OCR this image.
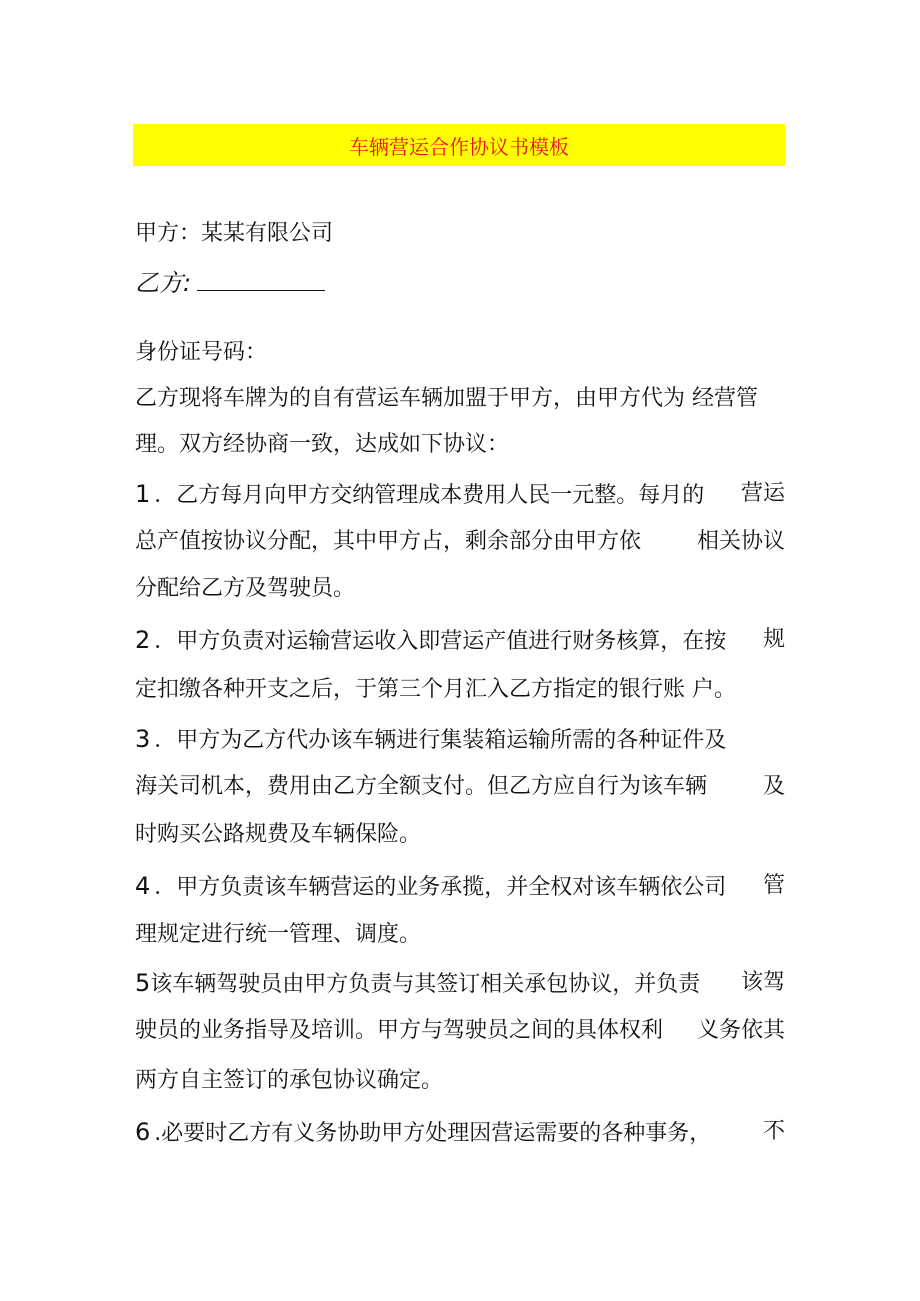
车辆营运合作协议书模板
甲方：某某有限公司
乙方:
身份证号码：
乙方现将车牌为的自有营运车辆加盟于甲方，由甲方代为 经营管
理。双方经协商一致，达成如下协议：
1 ．乙方每月向甲方交纳管理成本费用人民一元整。每月的 营运
总产值按协议分配，其中甲方占，剩余部分由甲方依	相关协议
分配给乙方及驾驶员。
2 ．甲方负责对运输营运收入即营运产值进行财务核算，在按 规
定扣缴各种开支之后，于第三个月汇入乙方指定的银行账 户。
3 ．甲方为乙方代办该车辆进行集装箱运输所需的各种证件及
海关司机本，费用由乙方全额支付。但乙方应自行为该车辆	及
时购买公路规费及车辆保险。
4 ．甲方负责该车辆营运的业务承揽，并全权对该车辆依公司 管
理规定进行统一管理、调度。
5该车辆驾驶员由甲方负责与其签订相关承包协议，并负责 该驾
驶员的业务指导及培训。甲方与驾驶员之间的具体权利 义务依其
两方自主签订的承包协议确定。
6 .必要时乙方有义务协助甲方处理因营运需要的各种事务， 不
